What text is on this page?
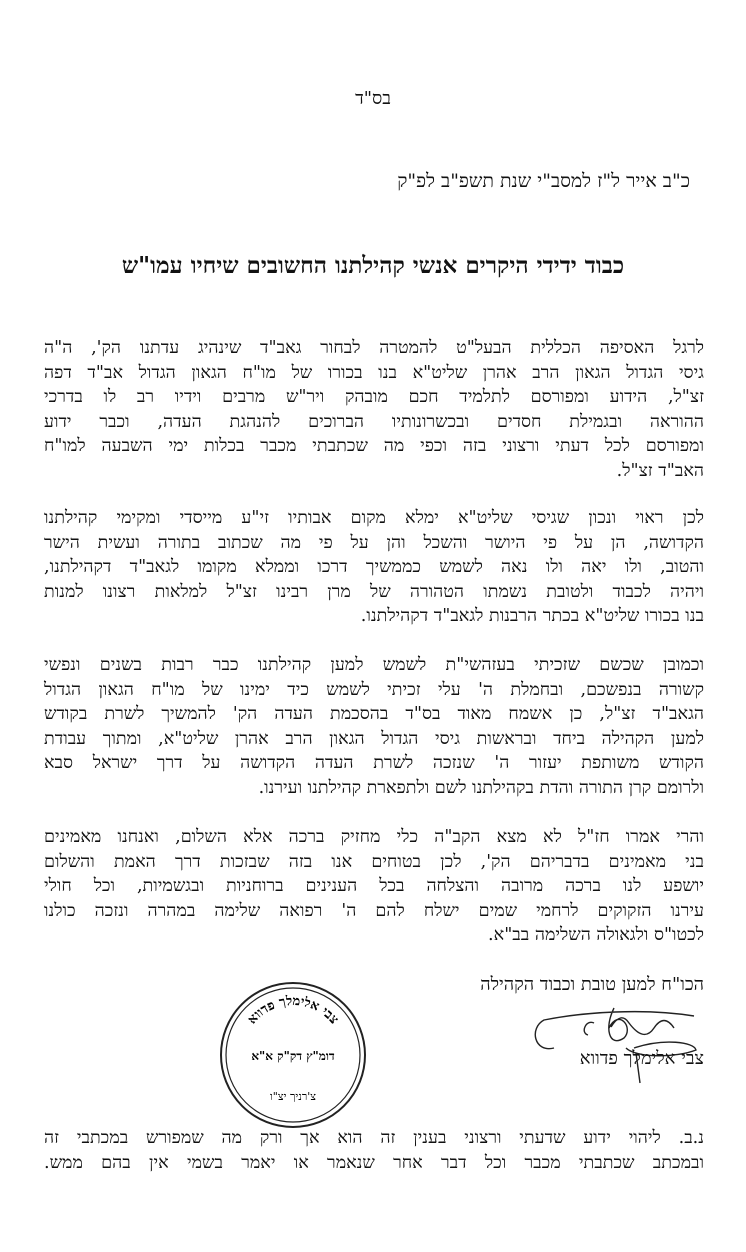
בס"ד
כ"ב אייר ל"ז למסב"י שנת תשפ"ב לפ"ק
כבוד ידידי היקרים אנשי קהילתנו החשובים שיחיו עמו"ש
לרגל האסיפה הכללית הבעל"ט להמטרה לבחור גאב"ד שינהיג עדתנו הק', ה"ה
גיסי הגדול הגאון הרב אהרן שליט"א בנו בכורו של מו"ח הגאון הגדול אב"ד דפה
זצ"ל, הידוע ומפורסם לתלמיד חכם מובהק ויר"ש מרבים וידיו רב לו בדרכי
ההוראה ובגמילת חסדים ובכשרונותיו הברוכים להנהגת העדה, וכבר ידוע
ומפורסם לכל דעתי ורצוני בזה וכפי מה שכתבתי מכבר בכלות ימי השבעה למו"ח
האב"ד זצ"ל.
לכן ראוי ונכון שגיסי שליט"א ימלא מקום אבותיו זי"ע מייסדי ומקימי קהילתנו
הקדושה, הן על פי היושר והשכל והן על פי מה שכתוב בתורה ועשית הישר
והטוב, ולו יאה ולו נאה לשמש כממשיך דרכו וממלא מקומו לגאב"ד דקהילתנו,
ויהיה לכבוד ולטובת נשמתו הטהורה של מרן רבינו זצ"ל למלאות רצונו למנות
בנו בכורו שליט"א בכתר הרבנות לגאב"ד דקהילתנו.
וכמובן שכשם שזכיתי בעזהשי"ת לשמש למען קהילתנו כבר רבות בשנים ונפשי
קשורה בנפשכם, ובחמלת ה' עלי זכיתי לשמש כיד ימינו של מו"ח הגאון הגדול
הגאב"ד זצ"ל, כן אשמח מאוד בס"ד בהסכמת העדה הק' להמשיך לשרת בקודש
למען הקהילה ביחד ובראשות גיסי הגדול הגאון הרב אהרן שליט"א, ומתוך עבודת
הקודש משותפת יעזור ה' שנזכה לשרת העדה הקדושה על דרך ישראל סבא
ולרומם קרן התורה והדת בקהילתנו לשם ולתפארת קהילתנו ועירנו.
והרי אמרו חז"ל לא מצא הקב"ה כלי מחזיק ברכה אלא השלום, ואנחנו מאמינים
בני מאמינים בדבריהם הק', לכן בטוחים אנו בזה שבזכות דרך האמת והשלום
יושפע לנו ברכה מרובה והצלחה בכל הענינים ברוחניות ובגשמיות, וכל חולי
עירנו הזקוקים לרחמי שמים ישלח להם ה' רפואה שלימה במהרה ונזכה כולנו
לכטו"ס ולגאולה השלימה בב"א.
הכו"ח למען טובת וכבוד הקהילה
צבי אלימלך פדווא
צבי אלימלך פדווא
דומ"ץ דק"ק א"א
צ'רניך יצ"ו
נ.ב. ליהוי ידוע שדעתי ורצוני בענין זה הוא אך ורק מה שמפורש במכתבי זה
ובמכתב שכתבתי מכבר וכל דבר אחר שנאמר או יאמר בשמי אין בהם ממש.
